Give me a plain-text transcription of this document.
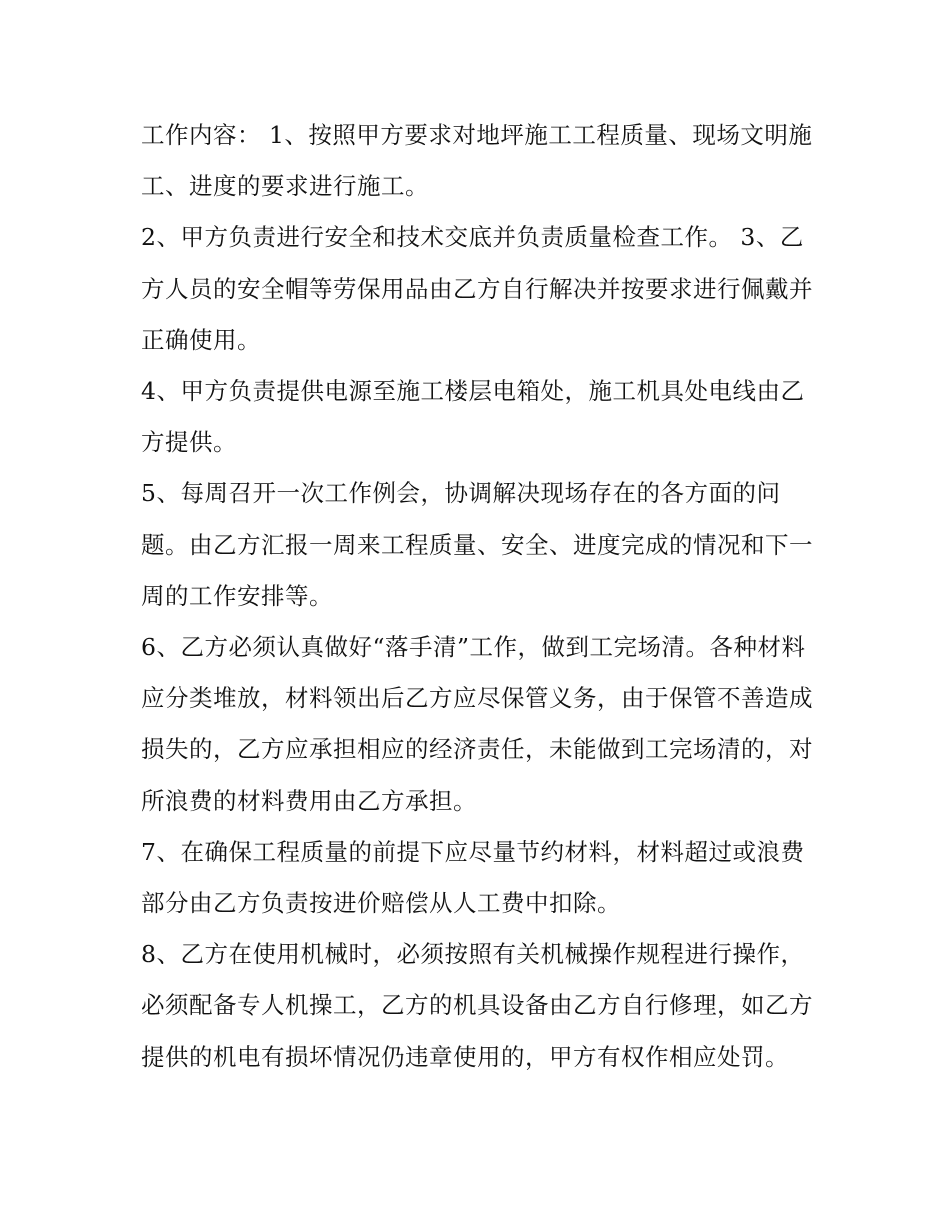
工作内容： 1、按照甲方要求对地坪施工工程质量、现场文明施工、进度的要求进行施工。

2、甲方负责进行安全和技术交底并负责质量检查工作。 3、乙方人员的安全帽等劳保用品由乙方自行解决并按要求进行佩戴并正确使用。

4、甲方负责提供电源至施工楼层电箱处，施工机具处电线由乙方提供。

5、每周召开一次工作例会，协调解决现场存在的各方面的问题。由乙方汇报一周来工程质量、安全、进度完成的情况和下一周的工作安排等。

6、乙方必须认真做好“落手清”工作，做到工完场清。各种材料应分类堆放，材料领出后乙方应尽保管义务，由于保管不善造成损失的，乙方应承担相应的经济责任，未能做到工完场清的，对所浪费的材料费用由乙方承担。

7、在确保工程质量的前提下应尽量节约材料，材料超过或浪费部分由乙方负责按进价赔偿从人工费中扣除。

8、乙方在使用机械时，必须按照有关机械操作规程进行操作，必须配备专人机操工，乙方的机具设备由乙方自行修理，如乙方提供的机电有损坏情况仍违章使用的，甲方有权作相应处罚。
